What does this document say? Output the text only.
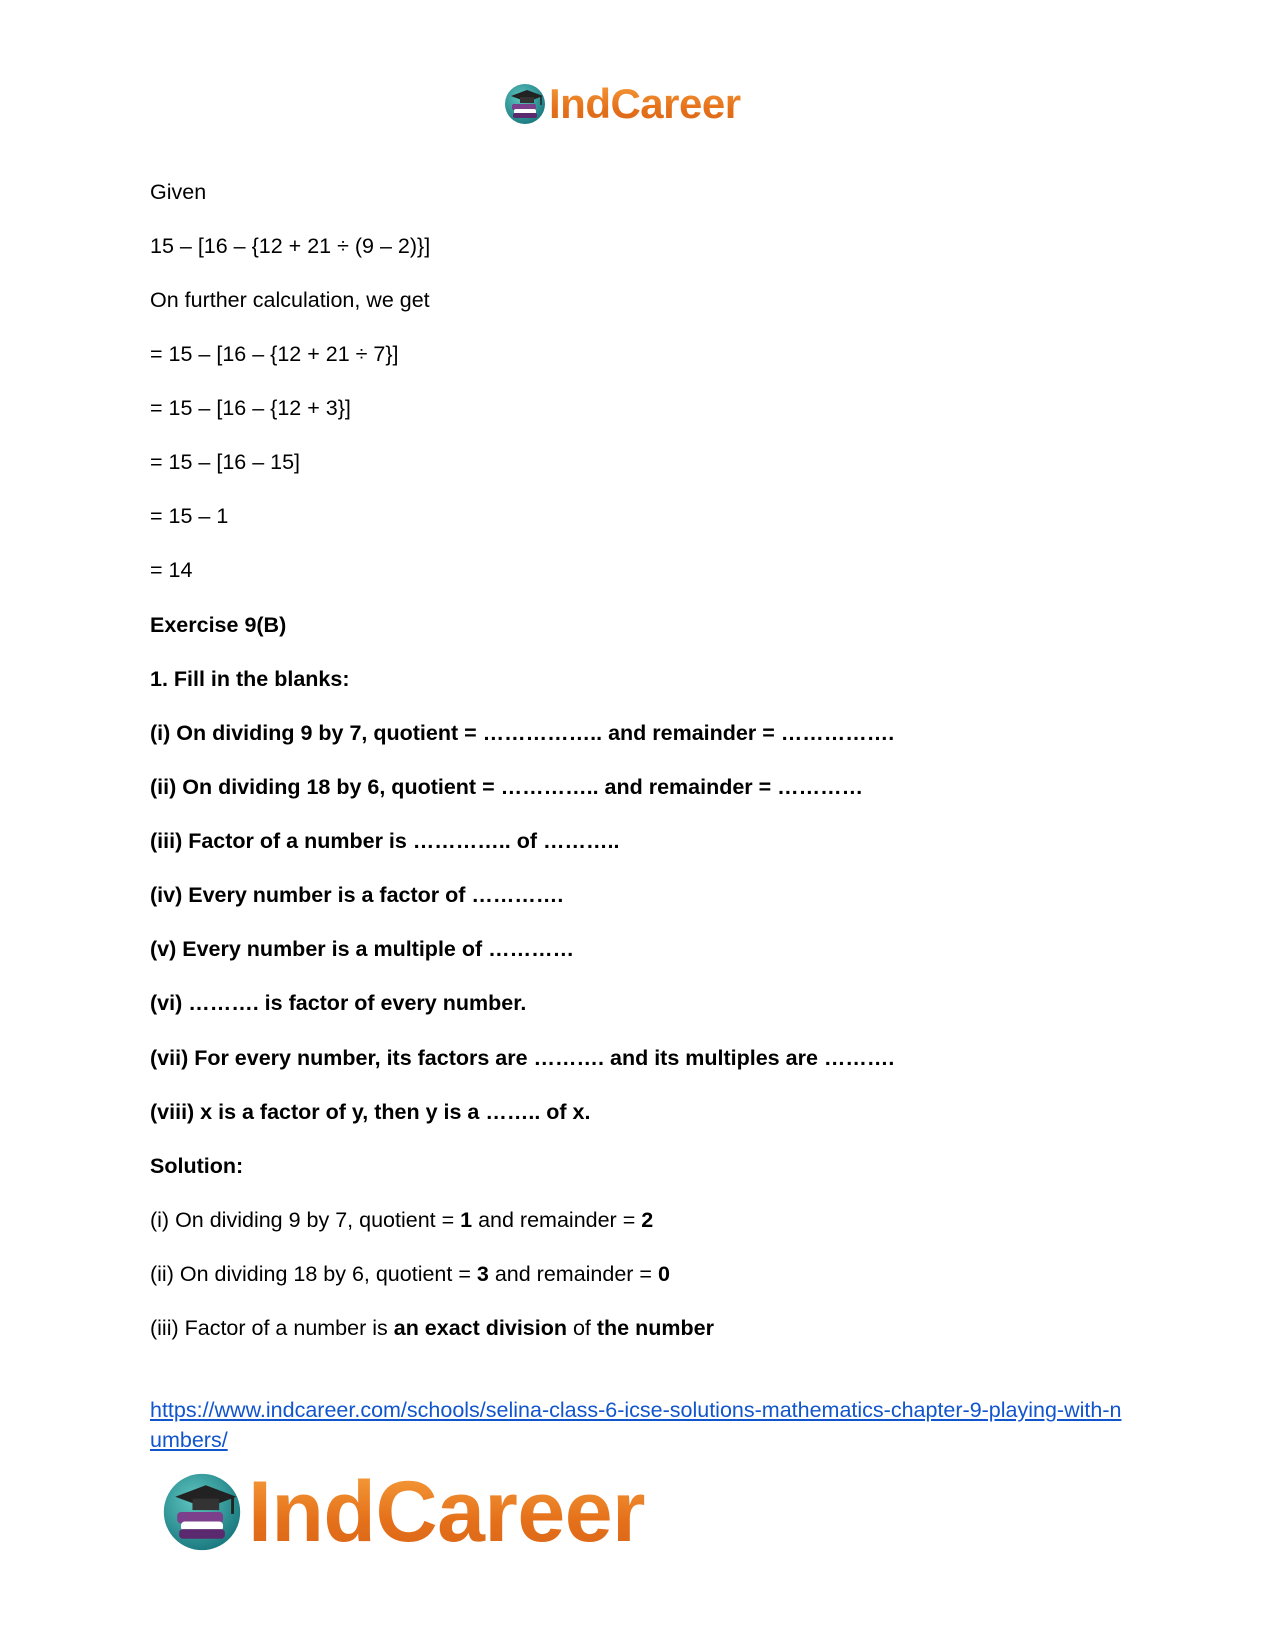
IndCareer
Given
15 – [16 – {12 + 21 ÷ (9 – 2)}]
On further calculation, we get
= 15 – [16 – {12 + 21 ÷ 7}]
= 15 – [16 – {12 + 3}]
= 15 – [16 – 15]
= 15 – 1
= 14
Exercise 9(B)
1. Fill in the blanks:
(i) On dividing 9 by 7, quotient = …………….. and remainder = …………….
(ii) On dividing 18 by 6, quotient = ………….. and remainder = …………
(iii) Factor of a number is ………….. of ………..
(iv) Every number is a factor of ………….
(v) Every number is a multiple of …………
(vi) ………. is factor of every number.
(vii) For every number, its factors are ………. and its multiples are ……….
(viii) x is a factor of y, then y is a …….. of x.
Solution:
(i) On dividing 9 by 7, quotient = 1 and remainder = 2
(ii) On dividing 18 by 6, quotient = 3 and remainder = 0
(iii) Factor of a number is an exact division of the number
https://www.indcareer.com/schools/selina-class-6-icse-solutions-mathematics-chapter-9-playing-with-numbers/
IndCareer
